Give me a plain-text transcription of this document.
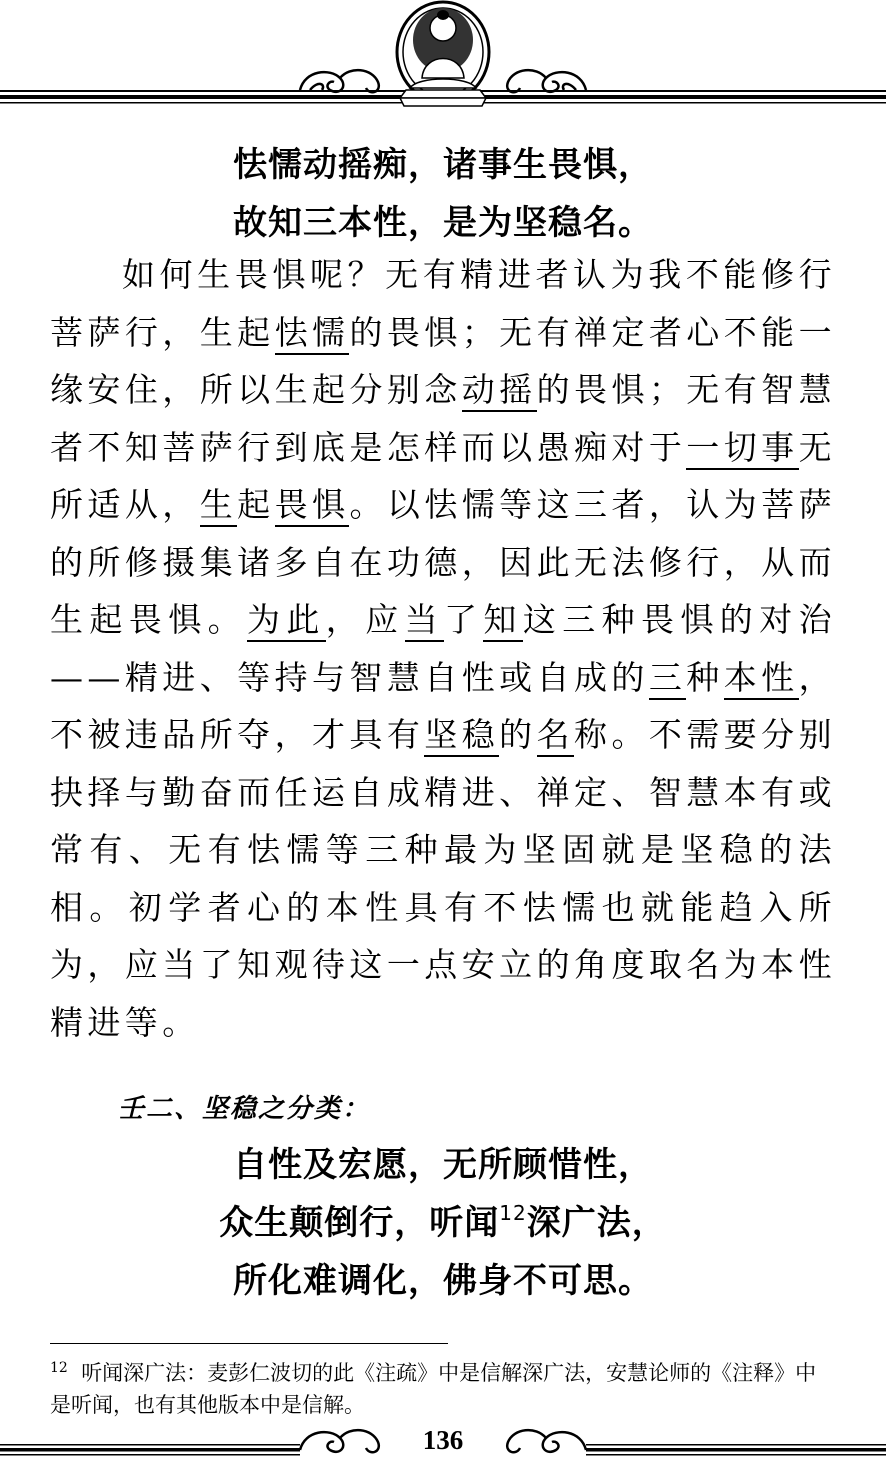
怯懦动摇痴，诸事生畏惧，
故知三本性，是为坚稳名。

如何生畏惧呢？无有精进者认为我不能修行菩萨行，生起怯懦的畏惧；无有禅定者心不能一缘安住，所以生起分别念动摇的畏惧；无有智慧者不知菩萨行到底是怎样而以愚痴对于一切事无所适从，生起畏惧。以怯懦等这三者，认为菩萨的所修摄集诸多自在功德，因此无法修行，从而生起畏惧。为此，应当了知这三种畏惧的对治——精进、等持与智慧自性或自成的三种本性，不被违品所夺，才具有坚稳的名称。不需要分别抉择与勤奋而任运自成精进、禅定、智慧本有或常有、无有怯懦等三种最为坚固就是坚稳的法相。初学者心的本性具有不怯懦也就能趋入所为，应当了知观待这一点安立的角度取名为本性精进等。

壬二、坚稳之分类：
自性及宏愿，无所顾惜性，
众生颠倒行，听闻$^{12}$深广法，
所化难调化，佛身不可思。
$^{12}$ 听闻深广法：麦彭仁波切的此《注疏》中是信解深广法，安慧论师的《注释》中是听闻，也有其他版本中是信解。
136
